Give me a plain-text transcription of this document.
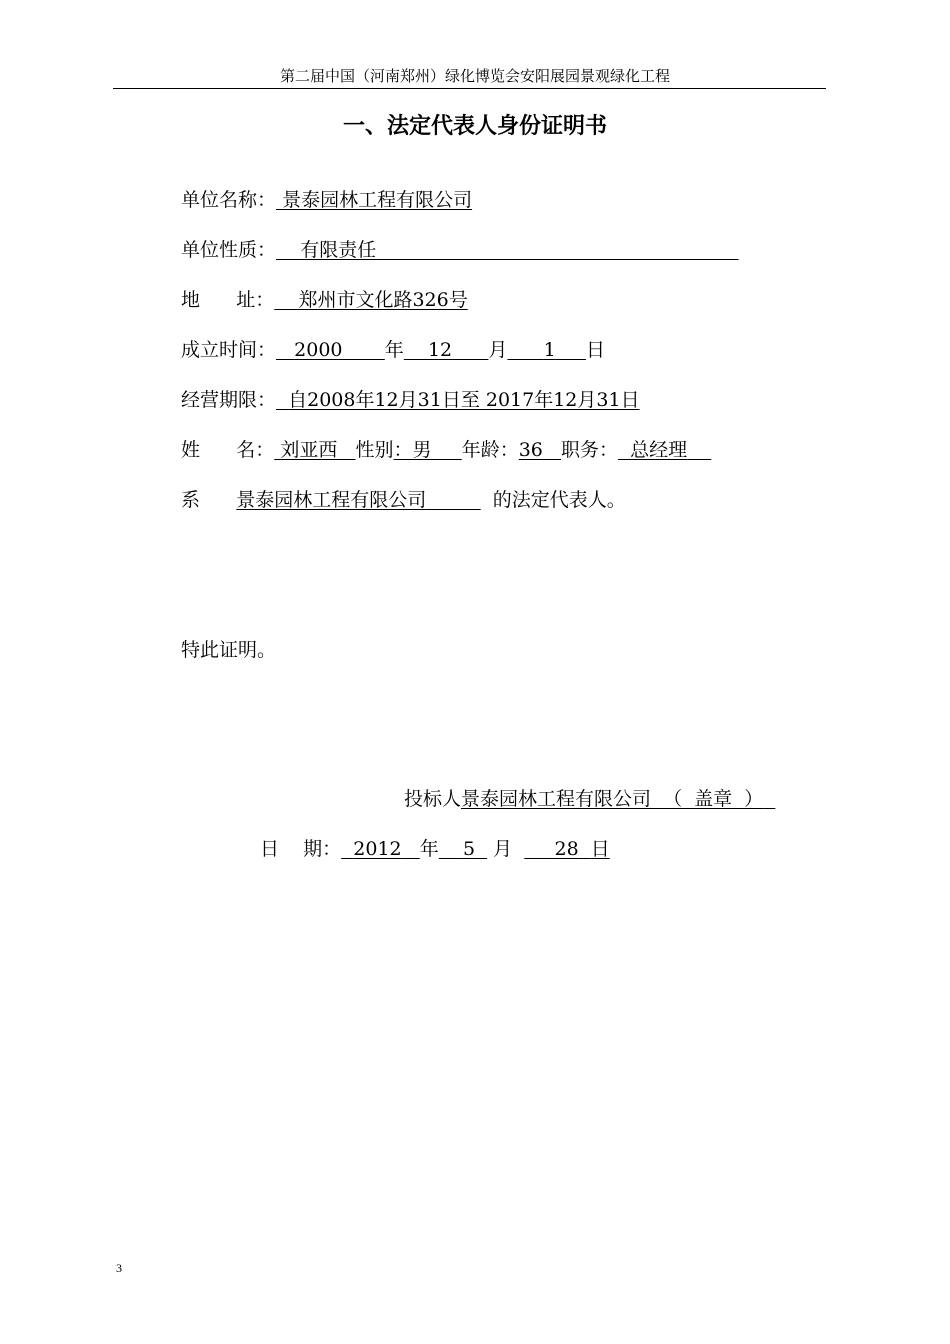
第二届中国（河南郑州）绿化博览会安阳展园景观绿化工程
一、法定代表人身份证明书
单位名称： 景泰园林工程有限公司
单位性质： 有限责任
地 址： 郑州市文化路326号
成立时间： 2000 年 12 月 1 日
经营期限： 自2008年12月31日至 2017年12月31日
姓 名： 刘亚西 性别：男 年龄：36 职务： 总经理
系 景泰园林工程有限公司	的法定代表人。
特此证明。
投标人景泰园林工程有限公司  （  盖章  ）
日    期： 2012 年 5 月 28 日
3
